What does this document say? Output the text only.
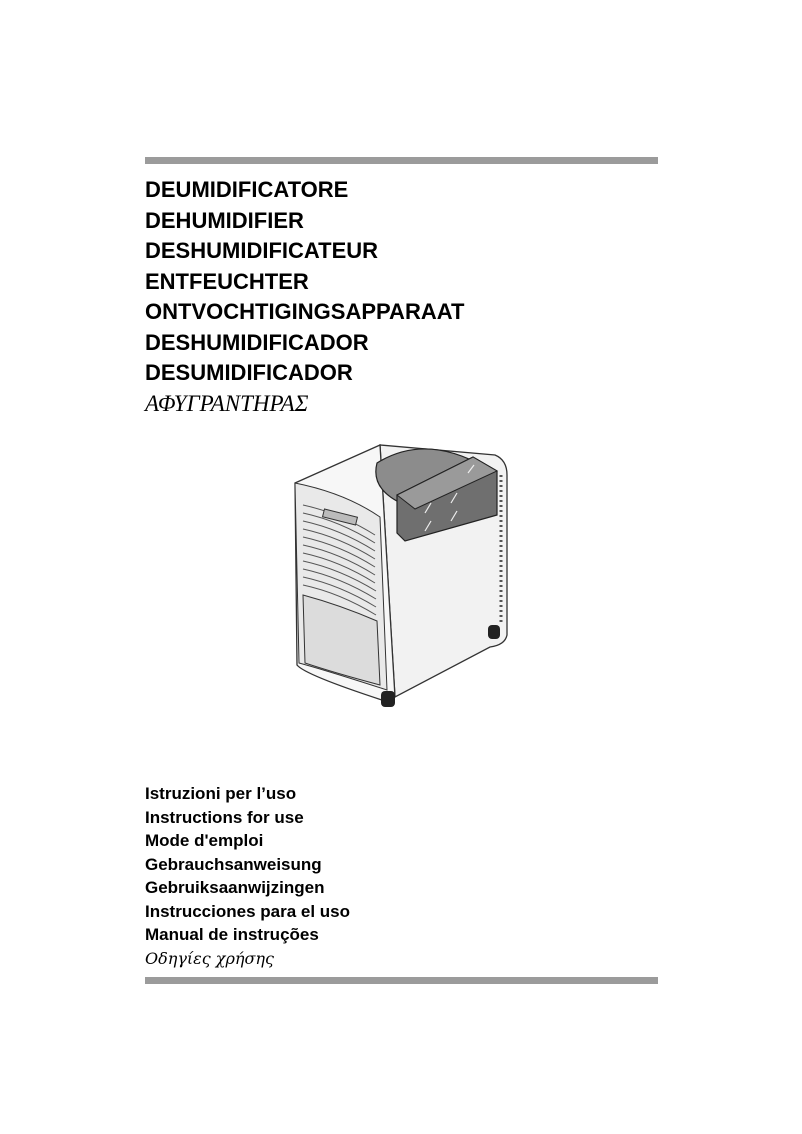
DEUMIDIFICATORE
DEHUMIDIFIER
DESHUMIDIFICATEUR
ENTFEUCHTER
ONTVOCHTIGINGSAPPARAAT
DESHUMIDIFICADOR
DESUMIDIFICADOR
ΑΦΥΓΡΑΝΤΗΡΑΣ
Istruzioni per l’uso
Instructions for use
Mode d'emploi
Gebrauchsanweisung
Gebruiksaanwijzingen
Instrucciones para el uso
Manual de instruções
Οδηγίες χρήσης
